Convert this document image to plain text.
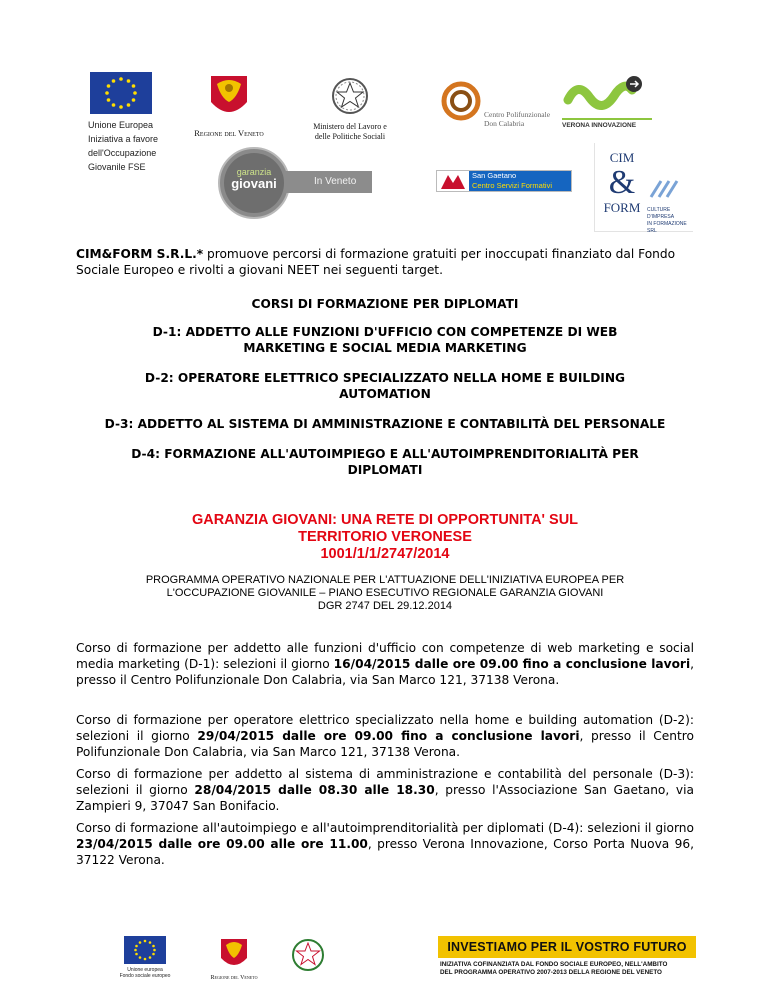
Unione Europea
Iniziativa a favore
dell'Occupazione
Giovanile FSE
Regione del Veneto
Ministero del Lavoro e
delle Politiche Sociali
Centro Polifunzionale
Don Calabria	VERONA INNOVAZIONE
garanzia
giovani	In Veneto
San Gaetano
Centro Servizi Formativi
CIM
&
FORM CULTURE D'IMPRESA
IN FORMAZIONE SRL
CIM&FORM S.R.L.* promuove percorsi di formazione gratuiti per inoccupati finanziato dal Fondo Sociale Europeo e rivolti a giovani NEET nei seguenti target.
CORSI DI FORMAZIONE PER DIPLOMATI
D-1: ADDETTO ALLE FUNZIONI D'UFFICIO CON COMPETENZE DI WEB MARKETING E SOCIAL MEDIA MARKETING
D-2: OPERATORE ELETTRICO SPECIALIZZATO NELLA HOME E BUILDING AUTOMATION
D-3: ADDETTO AL SISTEMA DI AMMINISTRAZIONE E CONTABILITÀ DEL PERSONALE
D-4: FORMAZIONE ALL'AUTOIMPIEGO E ALL'AUTOIMPRENDITORIALITÀ PER DIPLOMATI
GARANZIA GIOVANI: UNA RETE DI OPPORTUNITA' SUL
TERRITORIO VERONESE
1001/1/1/2747/2014
PROGRAMMA OPERATIVO NAZIONALE PER L'ATTUAZIONE DELL'INIZIATIVA EUROPEA PER
L'OCCUPAZIONE GIOVANILE – PIANO ESECUTIVO REGIONALE GARANZIA GIOVANI
DGR 2747 DEL 29.12.2014
Corso di formazione per addetto alle funzioni d'ufficio con competenze di web marketing e social media marketing (D-1): selezioni il giorno 16/04/2015 dalle ore 09.00 fino a conclusione lavori, presso il Centro Polifunzionale Don Calabria, via San Marco 121, 37138 Verona.
Corso di formazione per operatore elettrico specializzato nella home e building automation (D-2): selezioni il giorno 29/04/2015 dalle ore 09.00 fino a conclusione lavori, presso il Centro Polifunzionale Don Calabria, via San Marco 121, 37138 Verona.
Corso di formazione per addetto al sistema di amministrazione e contabilità del personale (D-3): selezioni il giorno 28/04/2015 dalle 08.30 alle 18.30, presso l'Associazione San Gaetano, via Zampieri 9, 37047 San Bonifacio.
Corso di formazione all'autoimpiego e all'autoimprenditorialità per diplomati (D-4): selezioni il giorno 23/04/2015 dalle ore 09.00 alle ore 11.00, presso Verona Innovazione, Corso Porta Nuova 96, 37122 Verona.
Unione europea
Fondo sociale europeo	Regione del Veneto
INVESTIAMO PER IL VOSTRO FUTURO
INIZIATIVA COFINANZIATA DAL FONDO SOCIALE EUROPEO, NELL'AMBITO
DEL PROGRAMMA OPERATIVO 2007-2013 DELLA REGIONE DEL VENETO
